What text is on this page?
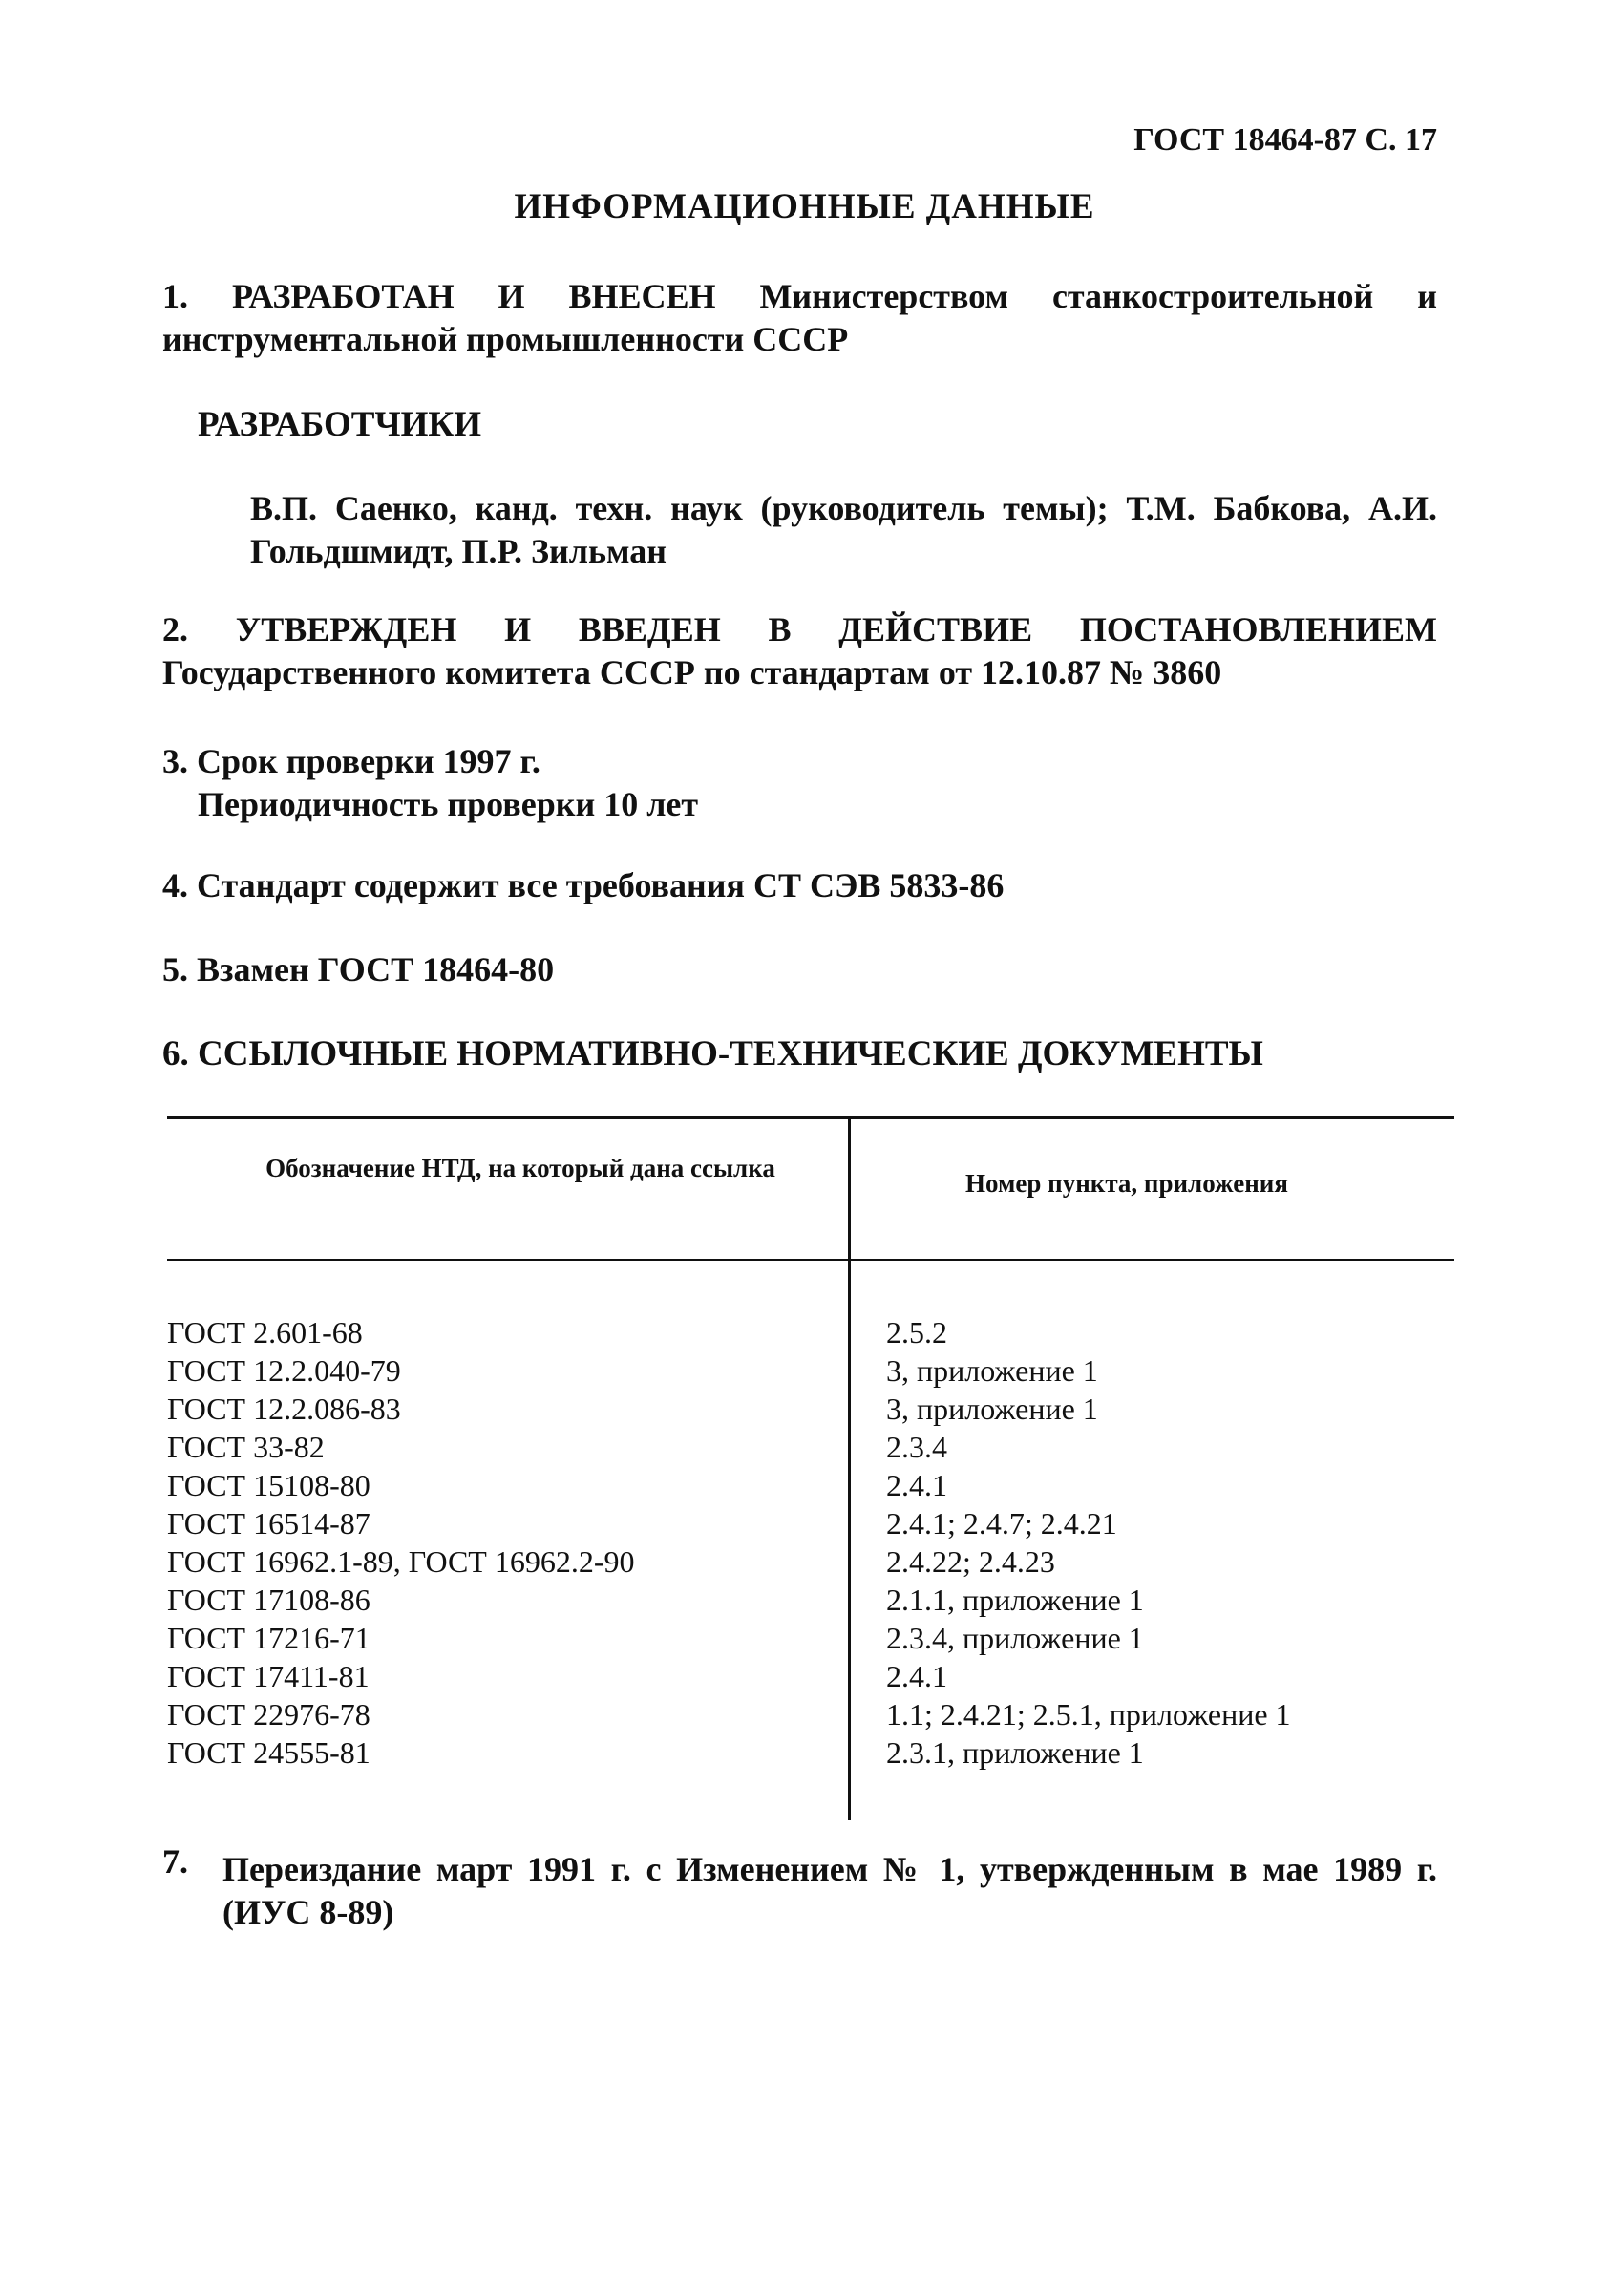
ГОСТ 18464-87 С. 17
ИНФОРМАЦИОННЫЕ ДАННЫЕ
1. РАЗРАБОТАН И ВНЕСЕН Министерством станкостроительной и инструментальной промышленности СССР
РАЗРАБОТЧИКИ
В.П. Саенко, канд. техн. наук (руководитель темы); Т.М. Бабкова, А.И. Гольдшмидт, П.Р. Зильман
2. УТВЕРЖДЕН И ВВЕДЕН В ДЕЙСТВИЕ ПОСТАНОВЛЕНИЕМ Государственного комитета СССР по стандартам от 12.10.87 № 3860
3. Срок проверки 1997 г.
Периодичность проверки 10 лет
4. Стандарт содержит все требования СТ СЭВ 5833-86
5. Взамен ГОСТ 18464-80
6. ССЫЛОЧНЫЕ НОРМАТИВНО-ТЕХНИЧЕСКИЕ ДОКУМЕНТЫ
Обозначение НТД, на который дана ссылка
Номер пункта, приложения
ГОСТ 2.601-68	2.5.2
ГОСТ 12.2.040-79	3, приложение 1
ГОСТ 12.2.086-83	3, приложение 1
ГОСТ 33-82	2.3.4
ГОСТ 15108-80	2.4.1
ГОСТ 16514-87	2.4.1; 2.4.7; 2.4.21
ГОСТ 16962.1-89, ГОСТ 16962.2-90	2.4.22; 2.4.23
ГОСТ 17108-86	2.1.1, приложение 1
ГОСТ 17216-71	2.3.4, приложение 1
ГОСТ 17411-81	2.4.1
ГОСТ 22976-78	1.1; 2.4.21; 2.5.1, приложение 1
ГОСТ 24555-81	2.3.1, приложение 1
7. Переиздание март 1991 г. с Изменением № 1, утвержденным в мае 1989 г. (ИУС 8-89)
